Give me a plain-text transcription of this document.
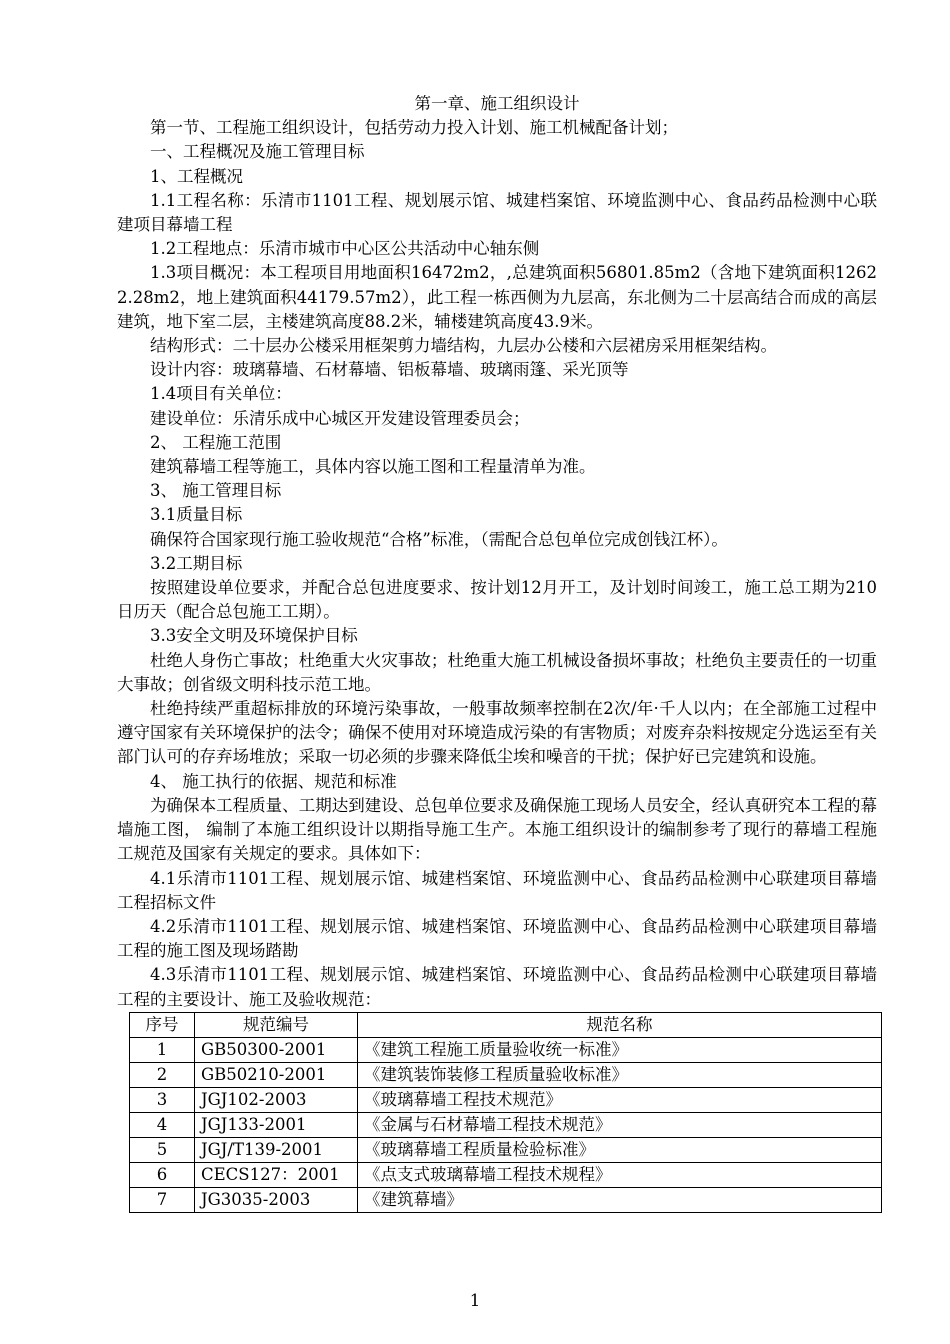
第一章、施工组织设计

第一节、工程施工组织设计，包括劳动力投入计划、施工机械配备计划；

一、工程概况及施工管理目标

1、工程概况

1.1工程名称：乐清市1101工程、规划展示馆、城建档案馆、环境监测中心、食品药品检测中心联建项目幕墙工程

1.2工程地点：乐清市城市中心区公共活动中心轴东侧

1.3项目概况：本工程项目用地面积16472m2，,总建筑面积56801.85m2（含地下建筑面积12622.28m2，地上建筑面积44179.57m2），此工程一栋西侧为九层高，东北侧为二十层高结合而成的高层建筑，地下室二层，主楼建筑高度88.2米，辅楼建筑高度43.9米。

结构形式：二十层办公楼采用框架剪力墙结构，九层办公楼和六层裙房采用框架结构。

设计内容：玻璃幕墙、石材幕墙、铝板幕墙、玻璃雨篷、采光顶等

1.4项目有关单位：

建设单位：乐清乐成中心城区开发建设管理委员会；

2、 工程施工范围

建筑幕墙工程等施工，具体内容以施工图和工程量清单为准。

3、 施工管理目标

3.1质量目标

确保符合国家现行施工验收规范“合格”标准，（需配合总包单位完成创钱江杯）。

3.2工期目标

按照建设单位要求，并配合总包进度要求、按计划12月开工，及计划时间竣工，施工总工期为210日历天（配合总包施工工期）。

3.3安全文明及环境保护目标

杜绝人身伤亡事故；杜绝重大火灾事故；杜绝重大施工机械设备损坏事故；杜绝负主要责任的一切重大事故；创省级文明科技示范工地。

杜绝持续严重超标排放的环境污染事故，一般事故频率控制在2次/年·千人以内；在全部施工过程中遵守国家有关环境保护的法令；确保不使用对环境造成污染的有害物质；对废弃杂料按规定分选运至有关部门认可的存弃场堆放；采取一切必须的步骤来降低尘埃和噪音的干扰；保护好已完建筑和设施。

4、 施工执行的依据、规范和标准

为确保本工程质量、工期达到建设、总包单位要求及确保施工现场人员安全，经认真研究本工程的幕墙施工图， 编制了本施工组织设计以期指导施工生产。本施工组织设计的编制参考了现行的幕墙工程施工规范及国家有关规定的要求。具体如下：

4.1乐清市1101工程、规划展示馆、城建档案馆、环境监测中心、食品药品检测中心联建项目幕墙工程招标文件

4.2乐清市1101工程、规划展示馆、城建档案馆、环境监测中心、食品药品检测中心联建项目幕墙工程的施工图及现场踏勘

4.3乐清市1101工程、规划展示馆、城建档案馆、环境监测中心、食品药品检测中心联建项目幕墙工程的主要设计、施工及验收规范：

序号	规范编号	规范名称
1	GB50300-2001	《建筑工程施工质量验收统一标准》
2	GB50210-2001	《建筑装饰装修工程质量验收标准》
3	JGJ102-2003	《玻璃幕墙工程技术规范》
4	JGJ133-2001	《金属与石材幕墙工程技术规范》
5	JGJ/T139-2001	《玻璃幕墙工程质量检验标准》
6	CECS127：2001	《点支式玻璃幕墙工程技术规程》
7	JG3035-2003	《建筑幕墙》
1
